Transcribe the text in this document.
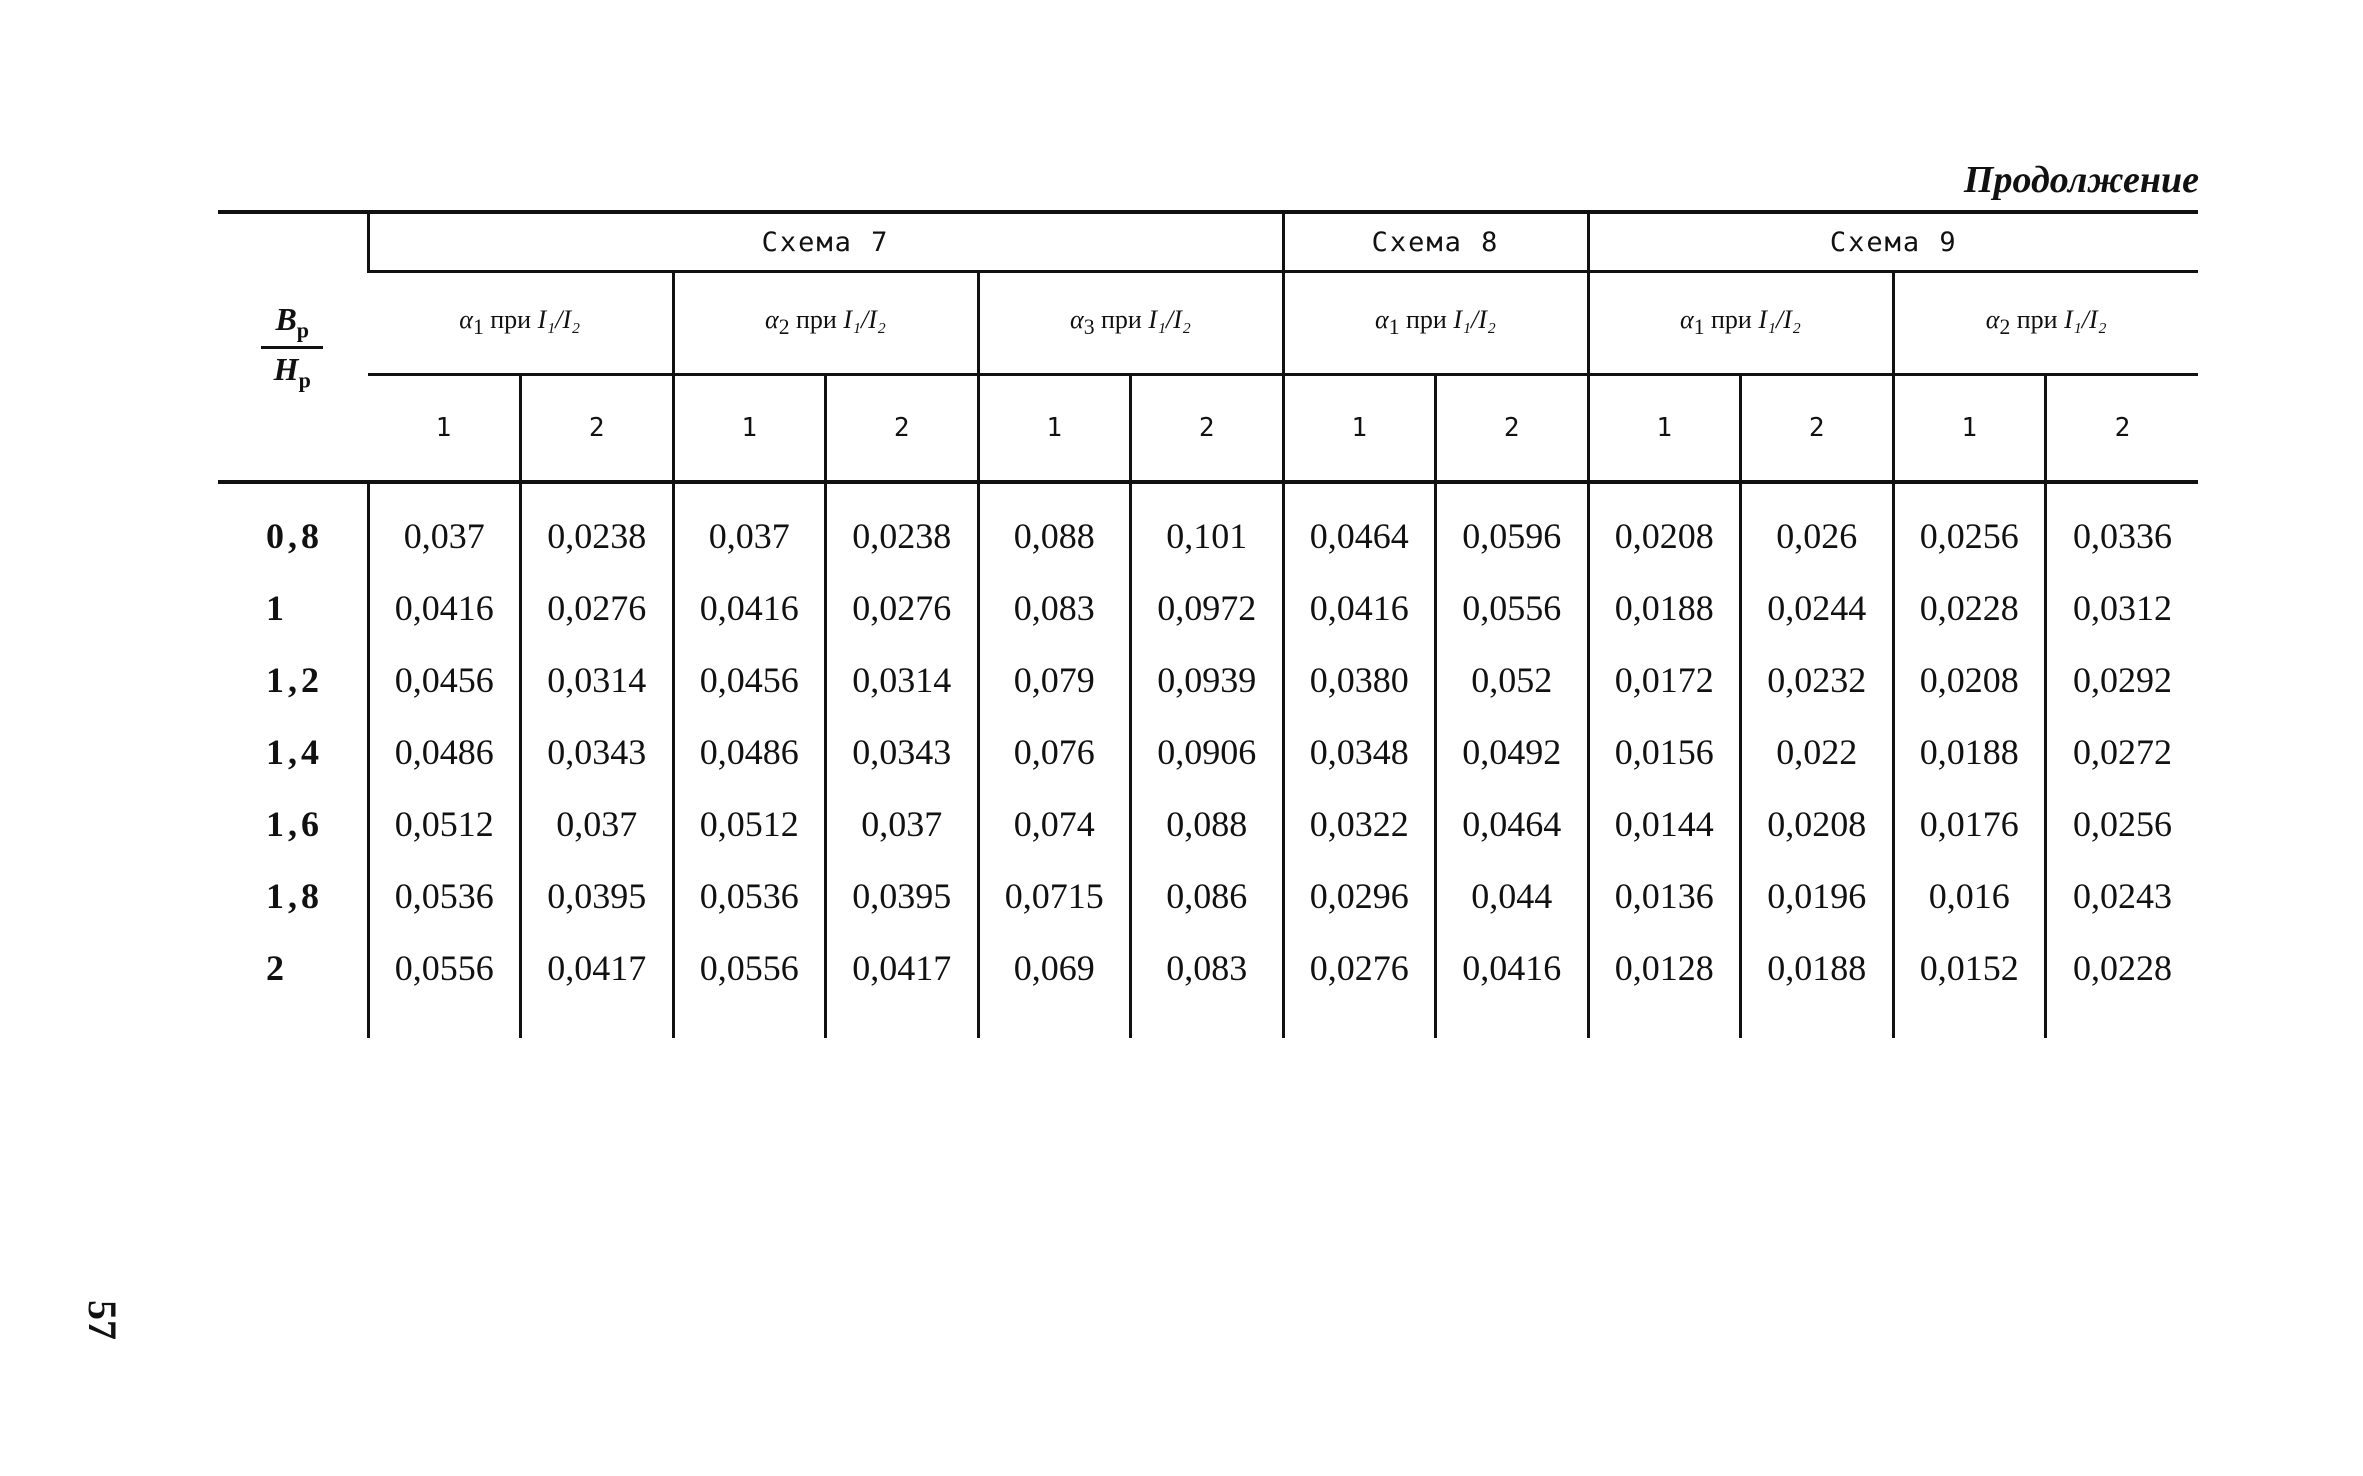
Продолжение
57
$\frac{B_p}{H_p}$	Схема 7						Схема 8		Схема 9			
	$\alpha_1$ при I₁/I₂		$\alpha_2$ при I₁/I₂		$\alpha_3$ при I₁/I₂		$\alpha_1$ при I₁/I₂		$\alpha_1$ при I₁/I₂		$\alpha_2$ при I₁/I₂	
	1	2	1	2	1	2	1	2	1	2	1	2
0,8	0,037	0,0238	0,037	0,0238	0,088	0,101	0,0464	0,0596	0,0208	0,026	0,0256	0,0336
1	0,0416	0,0276	0,0416	0,0276	0,083	0,0972	0,0416	0,0556	0,0188	0,0244	0,0228	0,0312
1,2	0,0456	0,0314	0,0456	0,0314	0,079	0,0939	0,0380	0,052	0,0172	0,0232	0,0208	0,0292
1,4	0,0486	0,0343	0,0486	0,0343	0,076	0,0906	0,0348	0,0492	0,0156	0,022	0,0188	0,0272
1,6	0,0512	0,037	0,0512	0,037	0,074	0,088	0,0322	0,0464	0,0144	0,0208	0,0176	0,0256
1,8	0,0536	0,0395	0,0536	0,0395	0,0715	0,086	0,0296	0,044	0,0136	0,0196	0,016	0,0243
2	0,0556	0,0417	0,0556	0,0417	0,069	0,083	0,0276	0,0416	0,0128	0,0188	0,0152	0,0228
